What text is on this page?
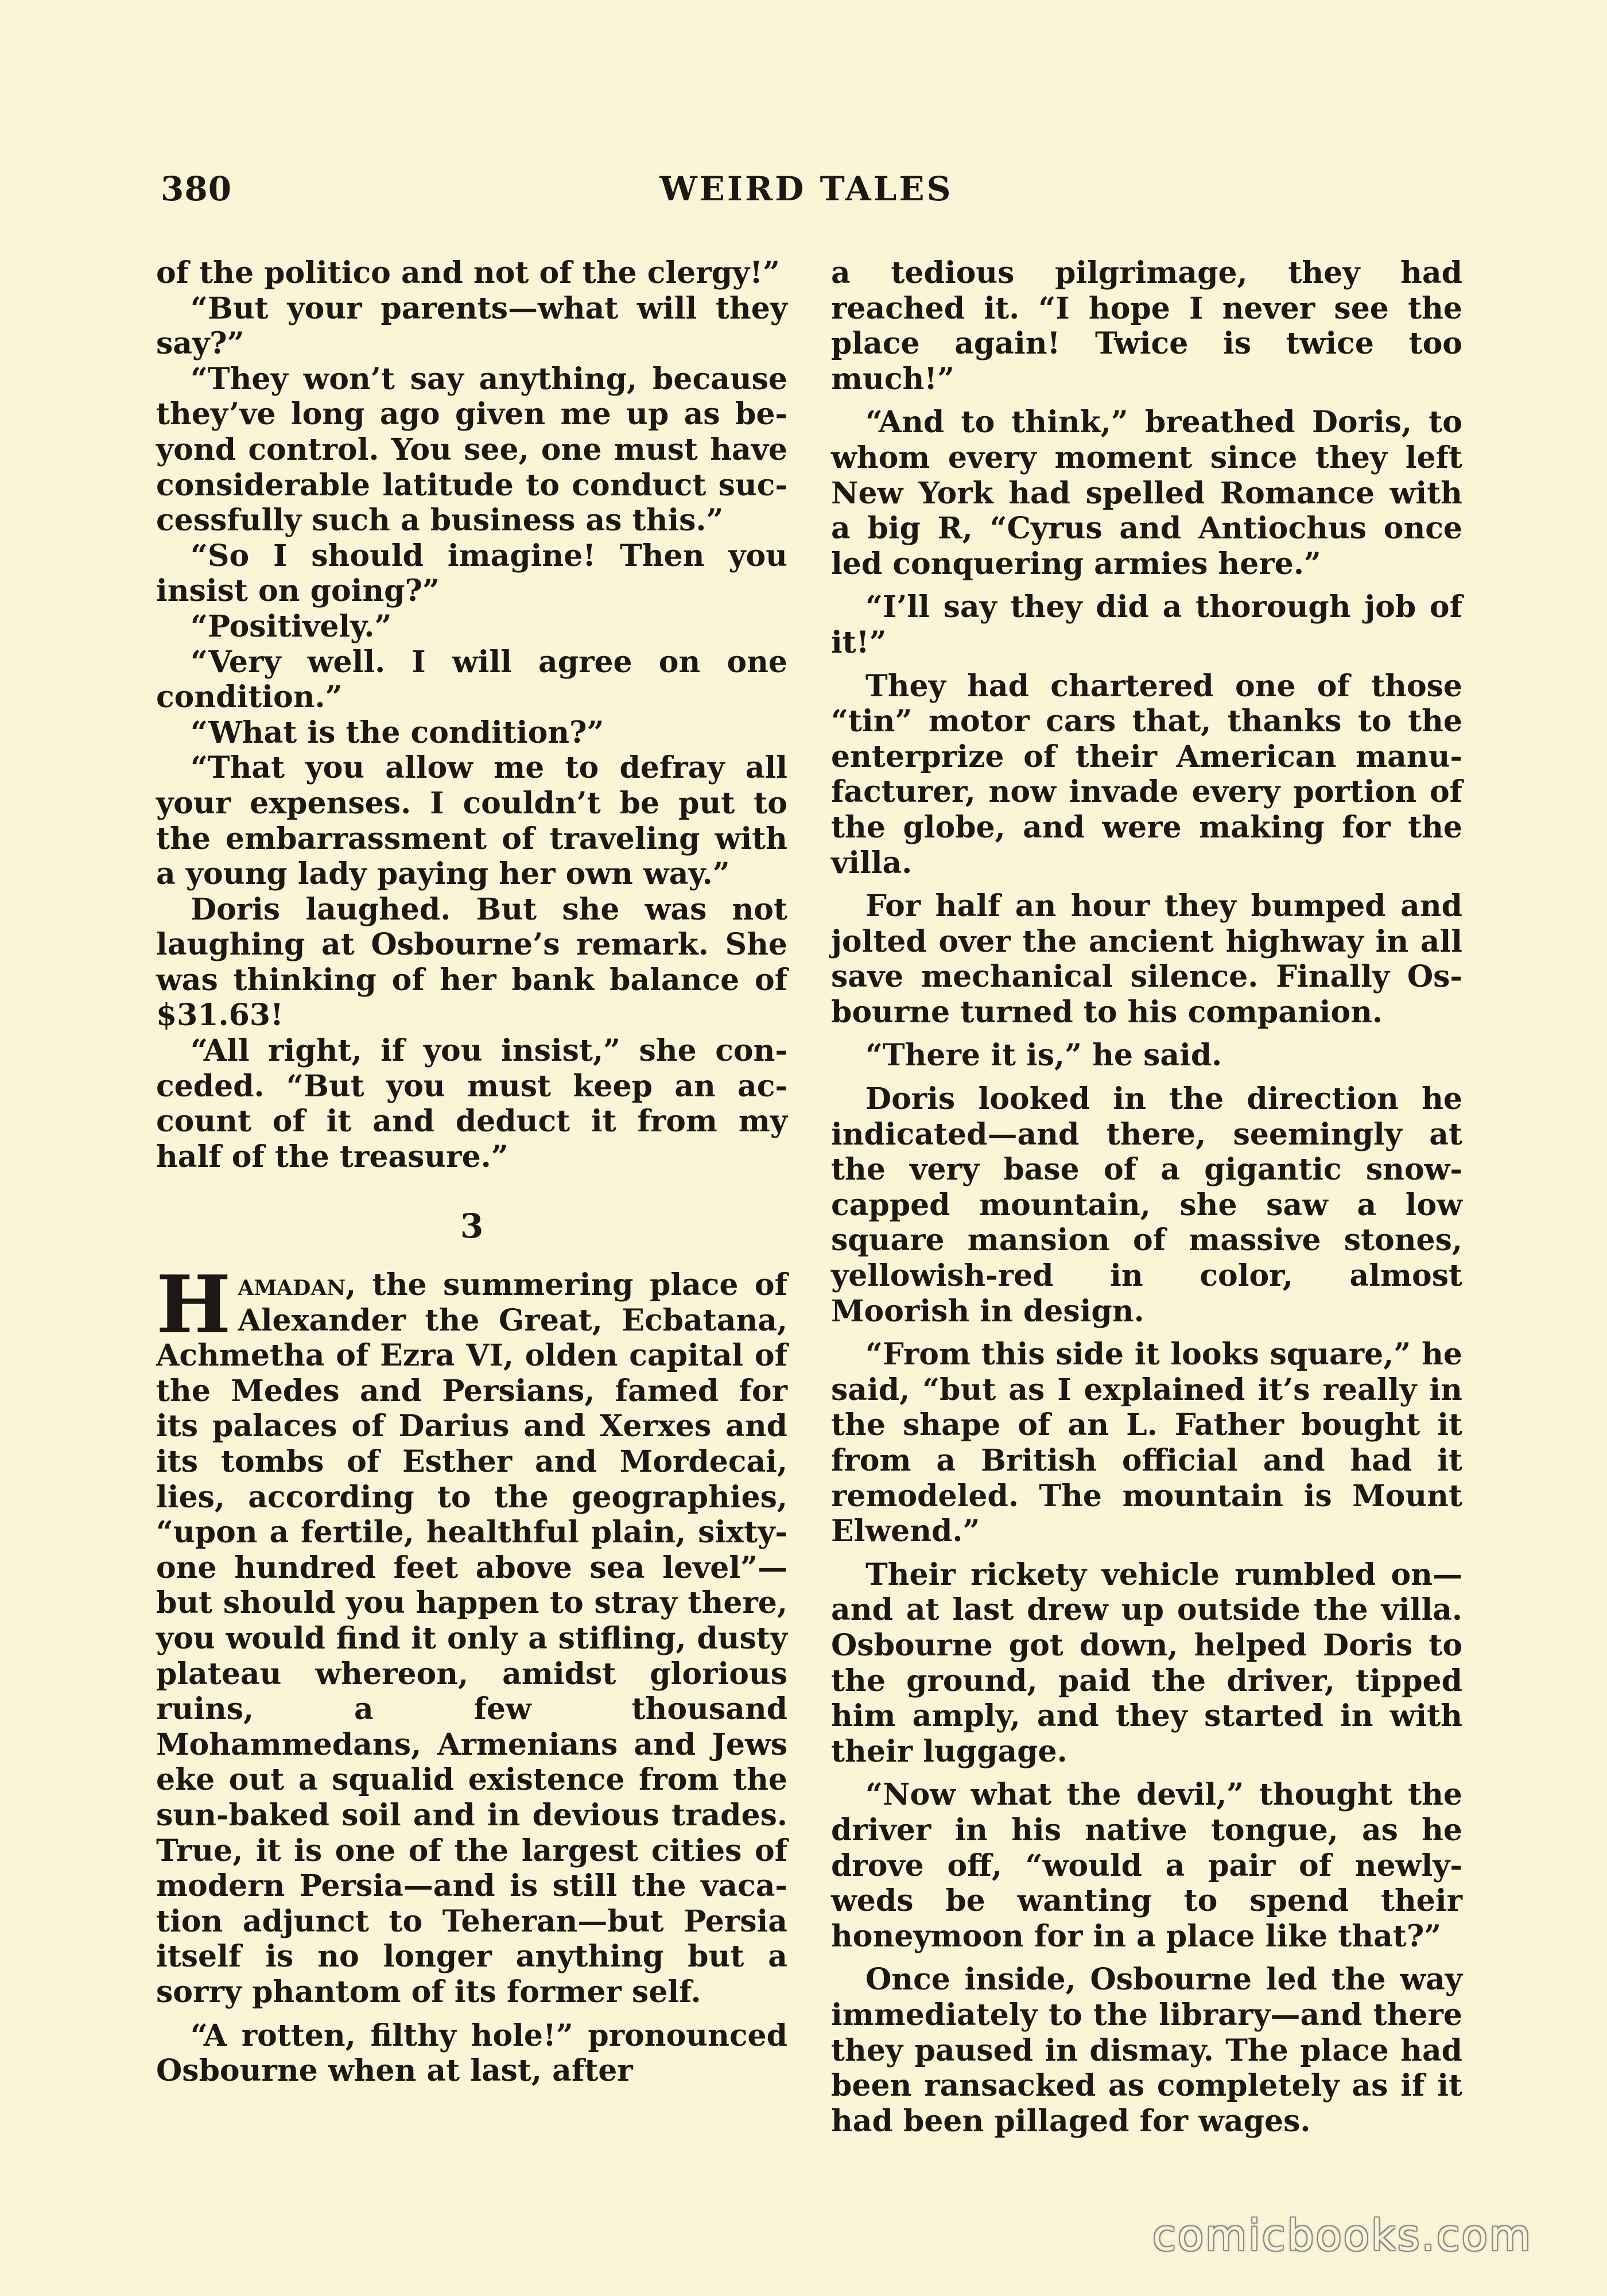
380	WEIRD TALES

of the politico and not of the clergy!”

“But your parents—what will they say?”

“They won’t say anything, because they’ve long ago given me up as beyond control. You see, one must have considerable latitude to conduct successfully such a business as this.”

“So I should imagine! Then you insist on going?”

“Positively.”

“Very well. I will agree on one condition.”

“What is the condition?”

“That you allow me to defray all your expenses. I couldn’t be put to the embarrassment of traveling with a young lady paying her own way.”

Doris laughed. But she was not laughing at Osbourne’s remark. She was thinking of her bank balance of $31.63!

“All right, if you insist,” she conceded. “But you must keep an account of it and deduct it from my half of the treasure.”

3

Hamadan, the summering place of Alexander the Great, Ecbatana, Achmetha of Ezra VI, olden capital of the Medes and Persians, famed for its palaces of Darius and Xerxes and its tombs of Esther and Mordecai, lies, according to the geographies, “upon a fertile, healthful plain, sixty-one hundred feet above sea level”—but should you happen to stray there, you would find it only a stifling, dusty plateau whereon, amidst glorious ruins, a few thousand Mohammedans, Armenians and Jews eke out a squalid existence from the sun-baked soil and in devious trades. True, it is one of the largest cities of modern Persia—and is still the vacation adjunct to Teheran—but Persia itself is no longer anything but a sorry phantom of its former self.

“A rotten, filthy hole!” pronounced Osbourne when at last, after

a tedious pilgrimage, they had reached it. “I hope I never see the place again! Twice is twice too much!”

“And to think,” breathed Doris, to whom every moment since they left New York had spelled Romance with a big R, “Cyrus and Antiochus once led conquering armies here.”

“I’ll say they did a thorough job of it!”

They had chartered one of those “tin” motor cars that, thanks to the enterprize of their American manufacturer, now invade every portion of the globe, and were making for the villa.

For half an hour they bumped and jolted over the ancient highway in all save mechanical silence. Finally Osbourne turned to his companion.

“There it is,” he said.

Doris looked in the direction he indicated—and there, seemingly at the very base of a gigantic snow-capped mountain, she saw a low square mansion of massive stones, yellowish-red in color, almost Moorish in design.

“From this side it looks square,” he said, “but as I explained it’s really in the shape of an L. Father bought it from a British official and had it remodeled. The mountain is Mount Elwend.”

Their rickety vehicle rumbled on—and at last drew up outside the villa. Osbourne got down, helped Doris to the ground, paid the driver, tipped him amply, and they started in with their luggage.

“Now what the devil,” thought the driver in his native tongue, as he drove off, “would a pair of newly-weds be wanting to spend their honeymoon for in a place like that?”

Once inside, Osbourne led the way immediately to the library—and there they paused in dismay. The place had been ransacked as completely as if it had been pillaged for wages.

comicbooks.com
